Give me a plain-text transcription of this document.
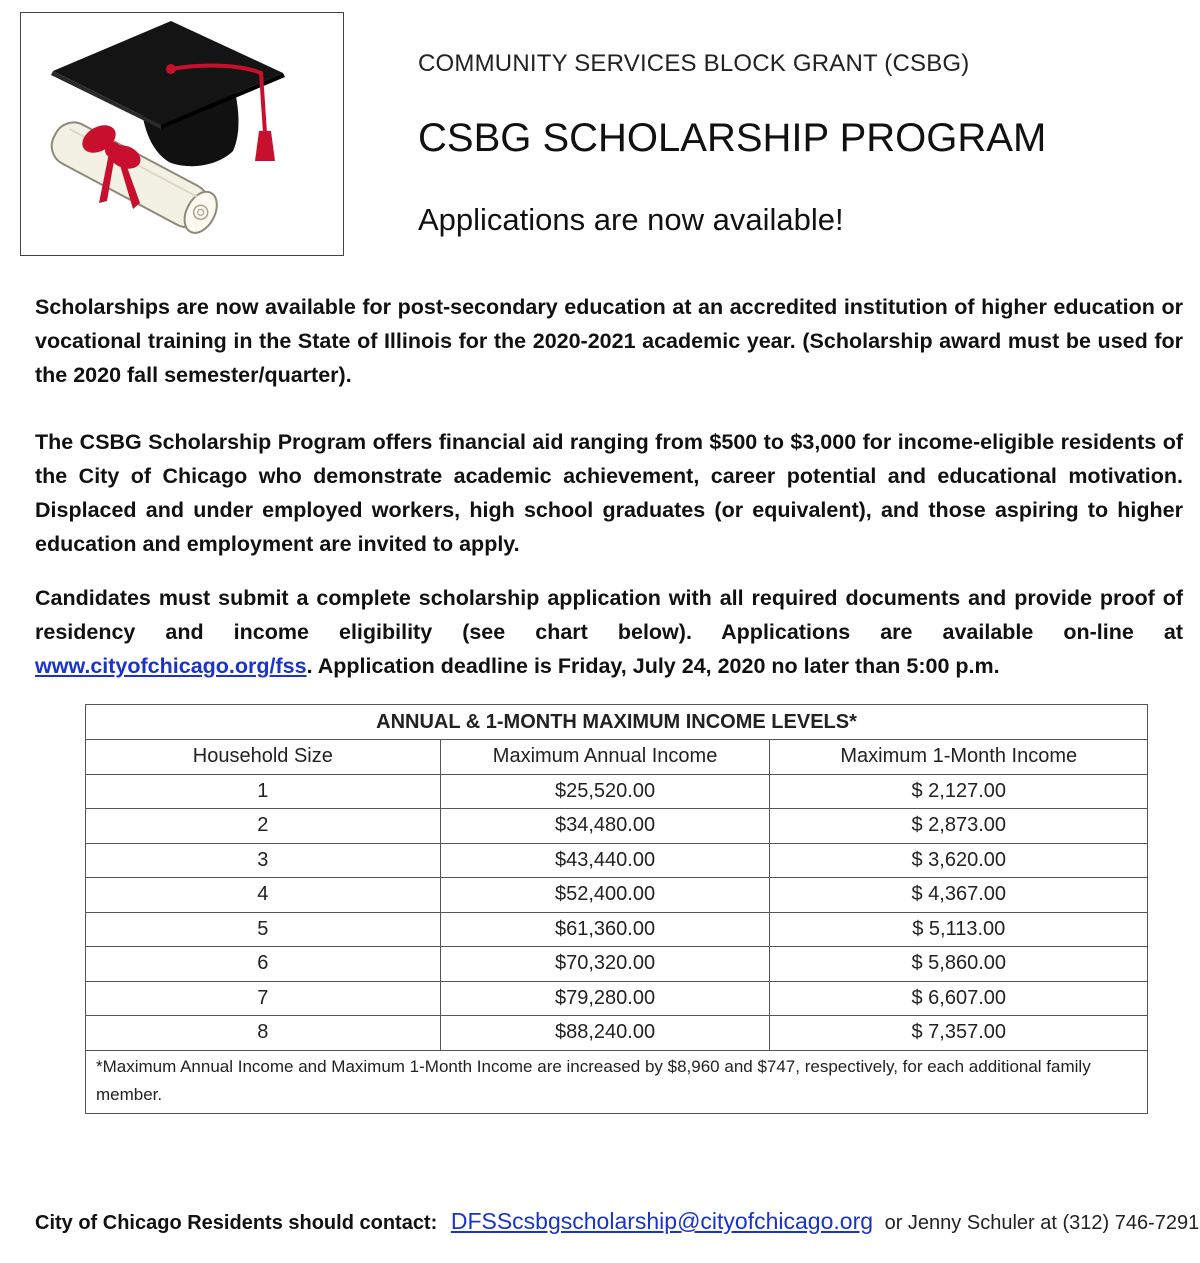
COMMUNITY SERVICES BLOCK GRANT (CSBG)
CSBG SCHOLARSHIP PROGRAM
Applications are now available!
Scholarships are now available for post-secondary education at an accredited institution of higher education or vocational training in the State of Illinois for the 2020-2021 academic year. (Scholarship award must be used for the 2020 fall semester/quarter).
The CSBG Scholarship Program offers financial aid ranging from $500 to $3,000 for income-eligible residents of the City of Chicago who demonstrate academic achievement, career potential and educational motivation. Displaced and under employed workers, high school graduates (or equivalent), and those aspiring to higher education and employment are invited to apply.
Candidates must submit a complete scholarship application with all required documents and provide proof of residency and income eligibility (see chart below). Applications are available on-line at www.cityofchicago.org/fss. Application deadline is Friday, July 24, 2020 no later than 5:00 p.m.
ANNUAL & 1-MONTH MAXIMUM INCOME LEVELS*		
Household Size	Maximum Annual Income	Maximum 1-Month Income
1	$25,520.00	$ 2,127.00
2	$34,480.00	$ 2,873.00
3	$43,440.00	$ 3,620.00
4	$52,400.00	$ 4,367.00
5	$61,360.00	$ 5,113.00
6	$70,320.00	$ 5,860.00
7	$79,280.00	$ 6,607.00
8	$88,240.00	$ 7,357.00
*Maximum Annual Income and Maximum 1-Month Income are increased by $8,960 and $747, respectively, for each additional family member.		
City of Chicago Residents should contact: DFSScsbgscholarship@cityofchicago.org or Jenny Schuler at (312) 746-7291
